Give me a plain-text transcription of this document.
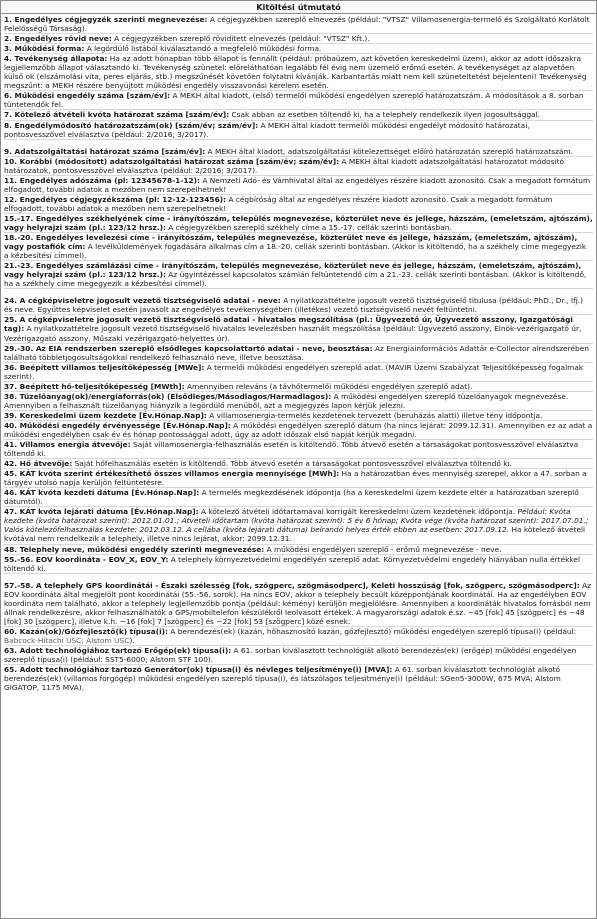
Kitöltési útmutató
1. Engedélyes cégjegyzék szerinti megnevezése: A cégjegyzékben szereplő elnevezés (például: "VTSZ" Villamosenergia-termelő és Szolgáltató Korlátolt Felelősségű Társaság).
2. Engedélyes rövid neve: A cégjegyzékben szereplő rövidített elnevezés (például: "VTSZ" Kft.).
3. Működési forma: A legördülő listából kiválasztandó a megfelelő működési forma.
4. Tevékenység állapota: Ha az adott hónapban több állapot is fennállt (például: próbaüzem, azt követően kereskedelmi üzem), akkor az adott időszakra legjellemzőbb állapot választandó ki. Tevékenység szünetel: előreláthatóan legalább fél évig nem üzemelő erőmű esetén. A tevékenységet az alapvetően külső ok (elszámolási vita, peres eljárás, stb.) megszűnését követően folytatni kívánják. Karbantartás miatt nem kell szüneteltetést bejelenteni! Tevékenység megszűnt: a MEKH részére benyújtott működési engedély visszavonási kérelem esetén.
6. Működési engedély száma [szám/év]: A MEKH által kiadott, (első) termelői működési engedélyen szereplő határozatszám. A módosítások a 8. sorban tüntetendők fel.
7. Kötelező átvételi kvóta határozat száma [szám/év]: Csak abban az esetben töltendő ki, ha a telephely rendelkezik ilyen jogosultsággal.
8. Engedélymódosító határozatszám(ok) [szám/év; szám/év]: A MEKH által kiadott termelői működési engedélyt módosító határozatai, pontosvesszővel elválasztva (például: 2/2016; 3/2017).
9. Adatszolgáltatási határozat száma [szám/év]: A MEKH által kiadott, adatszolgáltatási kötelezettséget előíró határozatán szereplő határozatszám.
10. Korábbi (módosított) adatszolgáltatási határozat száma [szám/év; szám/év]: A MEKH által kiadott adatszolgáltatási határozatot módosító határozatok, pontosvesszővel elválasztva (például: 2/2016; 3/2017).
11. Engedélyes adószáma (pl: 12345678-1-12): A Nemzeti Adó- és Vámhivatal által az engedélyes részére kiadott azonosító. Csak a megadott formátum elfogadott, további adatok a mezőben nem szerepelhetnek!
12. Engedélyes cégjegyzékszáma (pl: 12-12-123456): A cégbíróság által az engedélyes részére kiadott azonosító. Csak a megadott formátum elfogadott, további adatok a mezőben nem szerepelhetnek!
15.-17. Engedélyes székhelyének címe - irányítószám, település megnevezése, közterület neve és jellege, házszám, (emeletszám, ajtószám), vagy helyrajzi szám (pl.: 123/12 hrsz.): A cégjegyzékben szereplő székhely címe a 15.-17. cellák szerinti bontásban.
18.-20. Engedélyes levelezési címe - irányítószám, település megnevezése, közterület neve és jellege, házszám, (emeletszám, ajtószám), vagy postafiók cím: A levélküldemények fogadására alkalmas cím a 18.-20. cellák szerinti bontásban. (Akkor is kitöltendő, ha a székhely címe megegyezik a kézbesítési címmel).
21.-23. Engedélyes számlázási címe - irányítószám, település megnevezése, közterület neve és jellege, házszám, (emeletszám, ajtószám), vagy helyrajzi szám (pl.: 123/12 hrsz.): Az ügyintézéssel kapcsolatos számlán feltüntetendő cím a 21.-23. cellák szerinti bontásban. (Akkor is kitöltendő, ha a székhely címe megegyezik a kézbesítési címmel).
24. A cégképviseletre jogosult vezető tisztségviselő adatai - neve: A nyilatkozattételre jogosult vezető tisztségviselő titulusa (például: PhD., Dr., Ifj.) és neve. Együttes képviselet esetén javasolt az engedélyes tevékenységében (illetékes) vezető tisztségviselő nevét feltüntetni.
25. A cégképviseletre jogosult vezető tisztségviselő adatai - hivatalos megszólítása (pl.: Ügyvezető úr, Ügyvezető asszony, Igazgatósági tag): A nyilatkozattételre jogosult vezető tisztségviselő hivatalos levelezésben használt megszólítása (például: Ügyvezető asszony, Elnök-vezérigazgató úr, Vezérigazgató asszony, Műszaki vezérigazgató-helyettes úr).
29.-30. Az EIA rendszerben szereplő elsődleges kapcsolattartó adatai - neve, beosztása: Az Energiainformációs Adattár e-Collector alrendszerében található többletjogosultságokkal rendelkező felhasználó neve, illetve beosztása.
36. Beépített villamos teljesítőképesség [MWe]: A termelői működési engedélyen szereplő adat. (MAVIR Üzemi Szabályzat Teljesítőképesség fogalmak szerint).
37. Beépített hő-teljesítőképesség [MWth]: Amennyiben releváns (a távhőtermelői működési engedélyen szereplő adat).
38. Tüzelőanyag(ok)/energiaforrás(ok) (Elsődleges/Másodlagos/Harmadlagos): A működési engedélyen szereplő tüzelőanyagok megnevezése. Amennyiben a felhasznált tüzelőanyag hiányzik a legördülő menüből, azt a megjegyzés lapon kérjük jelezni.
39. Kereskedelmi üzem kezdete [Év.Hónap.Nap]: A villamosenergia-termelés kezdetének tervezett (beruházás alatti) illetve tény időpontja.
40. Működési engedély érvényessége [Év.Hónap.Nap]: A működési engedélyen szereplő dátum (ha nincs lejárat: 2099.12.31). Amennyiben ez az adat a működési engedélyben csak év és hónap pontossággal adott, úgy az adott időszak első napját kérjük megadni.
41. Villamos energia átvevője: Saját villamosenergia-felhasználás esetén is kitöltendő. Több átvevő esetén a társaságokat pontosvesszővel elválasztva töltendő ki.
42. Hő átvevője: Saját hőfelhasználás esetén is kitöltendő. Több átvevő esetén a társaságokat pontosvesszővel elválasztva töltendő ki.
45. KÁT kvóta szerint értékesíthető összes villamos energia mennyisége [MWh]: Ha a határozatban éves mennyiség szerepel, akkor a 47. sorban a tárgyév utolsó napja kerüljön feltüntetésre.
46. KÁT kvóta kezdeti dátuma [Év.Hónap.Nap]: A termelés megkezdésének időpontja (ha a kereskedelmi üzem kezdete eltér a határozatban szereplő dátumtól).
47. KÁT kvóta lejárati dátuma [Év.Hónap.Nap]: A kötelező átvételi időtartamával korrigált kereskedelmi üzem kezdetének időpontja. Például: Kvóta kezdete (kvóta határozat szerint): 2012.01.01.; Átvételi időtartam (kvóta határozat szerint): 5 év 6 hónap; Kvóta vége (kvóta határozat szerint): 2017.07.01.; Valós kötelezőfelhasználás kezdete: 2012.03.12. A cellába (kvóta lejárati dátuma) beírandó helyes érték ebben az esetben: 2017.09.12. Ha kötelező átvételi kvótával nem rendelkezik a telephely, illetve nincs lejárat, akkor: 2099.12.31.
48. Telephely neve, működési engedély szerinti megnevezése: A működési engedélyen szereplő - erőmű megnevezése - neve.
55.-56. EOV koordináta - EOV_X, EOV_Y: A telephely környezetvédelmi engedélyén szereplő adat. Környezetvédelmi engedély hiányában nulla értékkel töltendő ki.
57.-58. A telephely GPS koordinátái - Északi szélesség [fok, szögperc, szögmásodperc], Keleti hosszúság [fok, szögperc, szögmásodperc]: Az EOV koordináta által megjelölt pont koordinátái (55.-56. sorok). Ha nincs EOV, akkor a telephely becsült középpontjának koordinátái. Ha az engedélyben EOV koordináta nem található, akkor a telephely legjellemzőbb pontja (például: kémény) kerüljön megjelölésre. Amennyiben a koordináták hivatalos forrásból nem állnak rendelkezésre, akkor felhasználhatók a GPS/mobiltelefon készülékről leolvasott értékek. A magyarországi adatok é.sz. ~45 [fok] 45 [szögperc] és ~48 [fok] 30 [szögperc], illetve k.h. ~16 [fok] 7 [szögperc] és ~22 [fok] 53 [szögperc] közé esnek.
60. Kazán(ok)/Gőzfejlesztő(k) típusa(i): A berendezés(ek) (kazán, hőhasznosító kazán, gőzfejlesztő) működési engedélyen szereplő típusa(i) (például: Babcock-Hitachi USC; Alstom USC).
63. Adott technológiához tartozó Erőgép(ek) típusa(i): A 61. sorban kiválasztott technológiát alkotó berendezés(ek) (erőgép) működési engedélyen szereplő típusa(i) (például: SST5-6000; Alstom STF 100).
65. Adott technológiához tartozó Generátor(ok) típusa(i) és névleges teljesítménye(i) [MVA]: A 61. sorban kiválasztott technológiát alkotó berendezés(ek) (villamos forgógép) működési engedélyen szereplő típusa(i), és látszólagos teljesítménye(i) (például: SGen5-3000W, 675 MVA; Alstom GIGATOP, 1175 MVA).
